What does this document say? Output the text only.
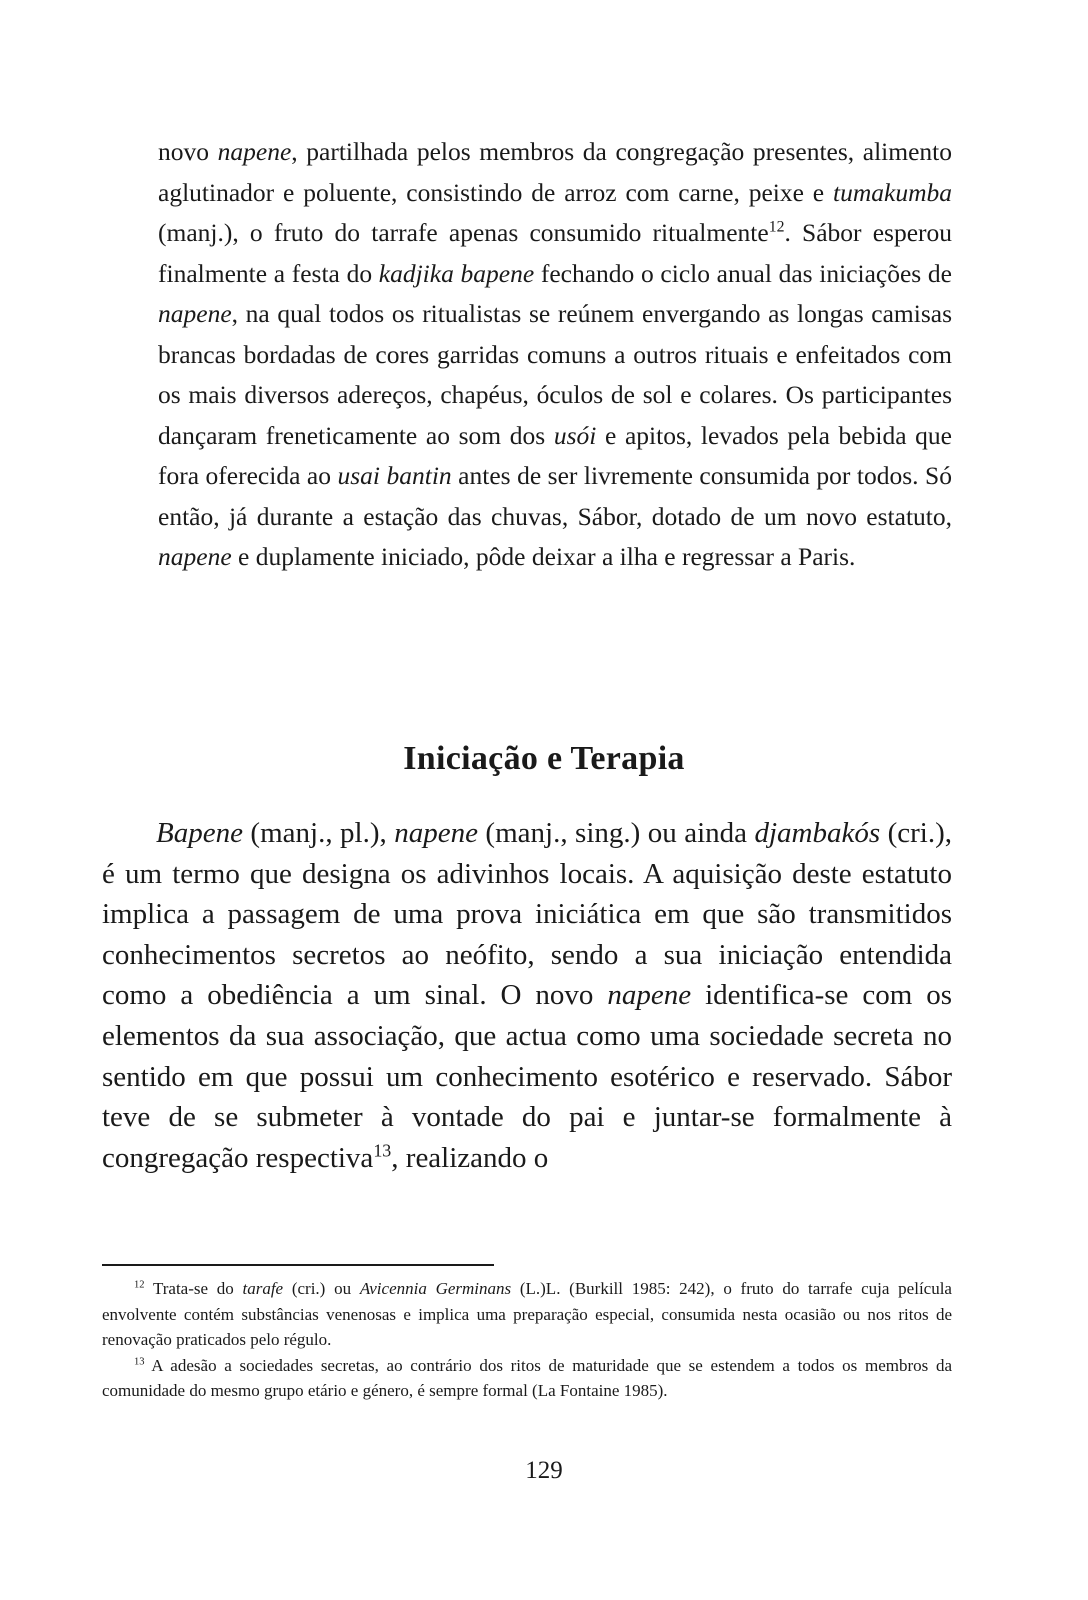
novo napene, partilhada pelos membros da congregação presentes, alimento aglutinador e poluente, consistindo de arroz com carne, peixe e tumakumba (manj.), o fruto do tarrafe apenas consumido ritualmente$^{12}$. Sábor esperou finalmente a festa do kadjika bapene fechando o ciclo anual das iniciações de napene, na qual todos os ritualistas se reúnem envergando as longas camisas brancas bordadas de cores garridas comuns a outros rituais e enfeitados com os mais diversos adereços, chapéus, óculos de sol e colares. Os participantes dançaram freneticamente ao som dos usói e apitos, levados pela bebida que fora oferecida ao usai bantin antes de ser livremente consumida por todos. Só então, já durante a estação das chuvas, Sábor, dotado de um novo estatuto, napene e duplamente iniciado, pôde deixar a ilha e regressar a Paris.

Iniciação e Terapia

Bapene (manj., pl.), napene (manj., sing.) ou ainda djambakós (cri.), é um termo que designa os adivinhos locais. A aquisição deste estatuto implica a passagem de uma prova iniciática em que são transmitidos conhecimentos secretos ao neófito, sendo a sua iniciação entendida como a obediência a um sinal. O novo napene identifica-se com os elementos da sua associação, que actua como uma sociedade secreta no sentido em que possui um conhecimento esotérico e reservado. Sábor teve de se submeter à vontade do pai e juntar-se formalmente à congregação respectiva$^{13}$, realizando o

$^{12}$ Trata-se do tarafe (cri.) ou Avicennia Germinans (L.)L. (Burkill 1985: 242), o fruto do tarrafe cuja película envolvente contém substâncias venenosas e implica uma preparação especial, consumida nesta ocasião ou nos ritos de renovação praticados pelo régulo.

$^{13}$ A adesão a sociedades secretas, ao contrário dos ritos de maturidade que se estendem a todos os membros da comunidade do mesmo grupo etário e género, é sempre formal (La Fontaine 1985).

129
